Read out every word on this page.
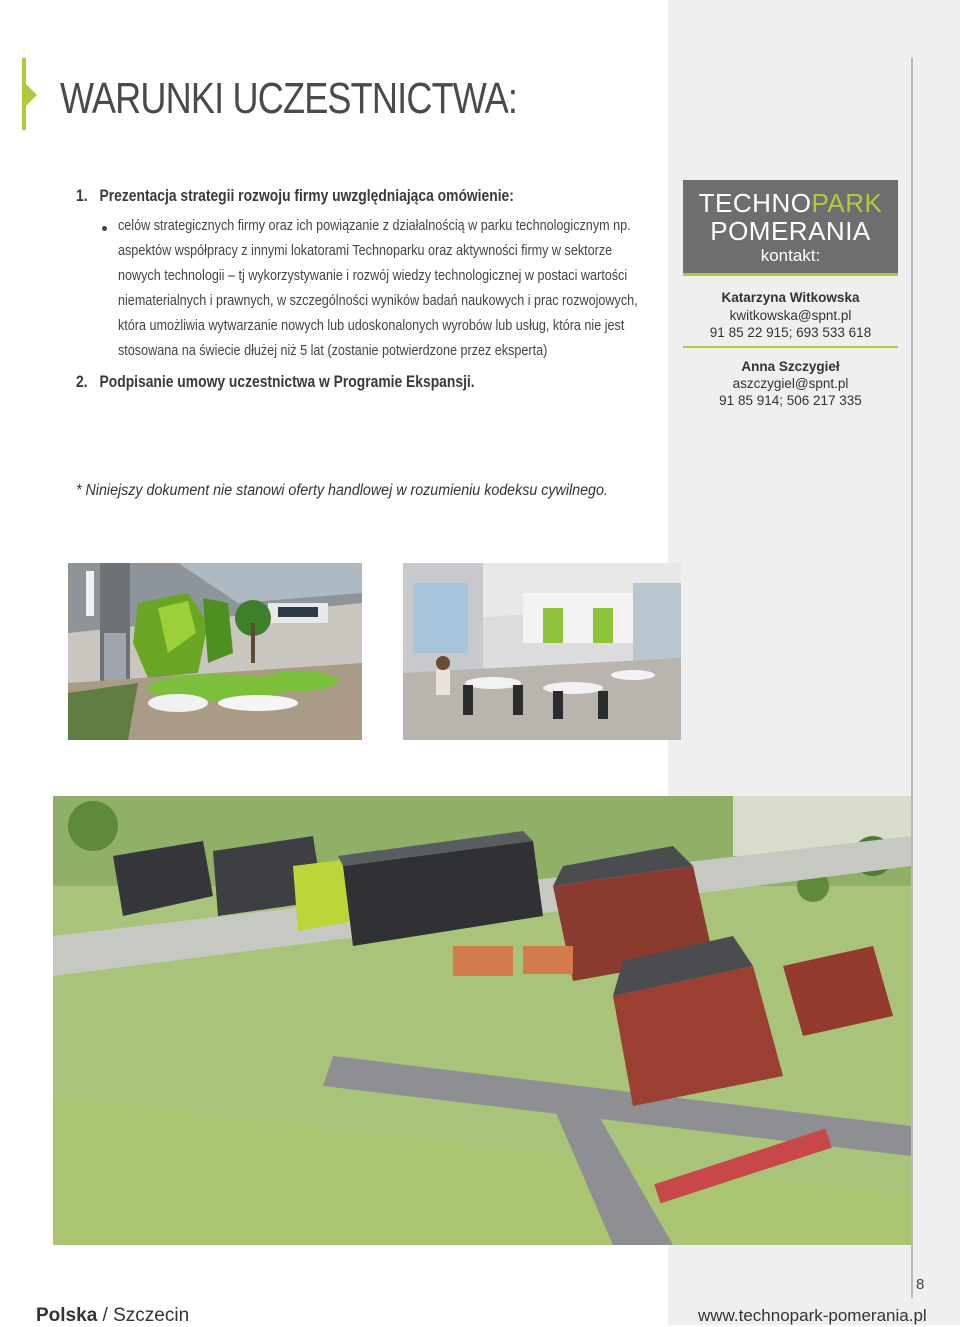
WARUNKI UCZESTNICTWA:
1. Prezentacja strategii rozwoju firmy uwzględniająca omówienie:
celów strategicznych firmy oraz ich powiązanie z działalnością w parku technologicznym np.
aspektów współpracy z innymi lokatorami Technoparku oraz aktywności firmy w sektorze
nowych technologii – tj wykorzystywanie i rozwój wiedzy technologicznej w postaci wartości
niematerialnych i prawnych, w szczególności wyników badań naukowych i prac rozwojowych,
która umożliwia wytwarzanie nowych lub udoskonalonych wyrobów lub usług, która nie jest
stosowana na świecie dłużej niż 5 lat (zostanie potwierdzone przez eksperta)
2. Podpisanie umowy uczestnictwa w Programie Ekspansji.
* Niniejszy dokument nie stanowi oferty handlowej w rozumieniu kodeksu cywilnego.
TECHNOPARK
POMERANIA
kontakt:
Katarzyna Witkowska
kwitkowska@spnt.pl
91 85 22 915; 693 533 618
Anna Szczygieł
aszczygiel@spnt.pl
91 85 914; 506 217 335
Polska / Szczecin	www.technopark-pomerania.pl
8
